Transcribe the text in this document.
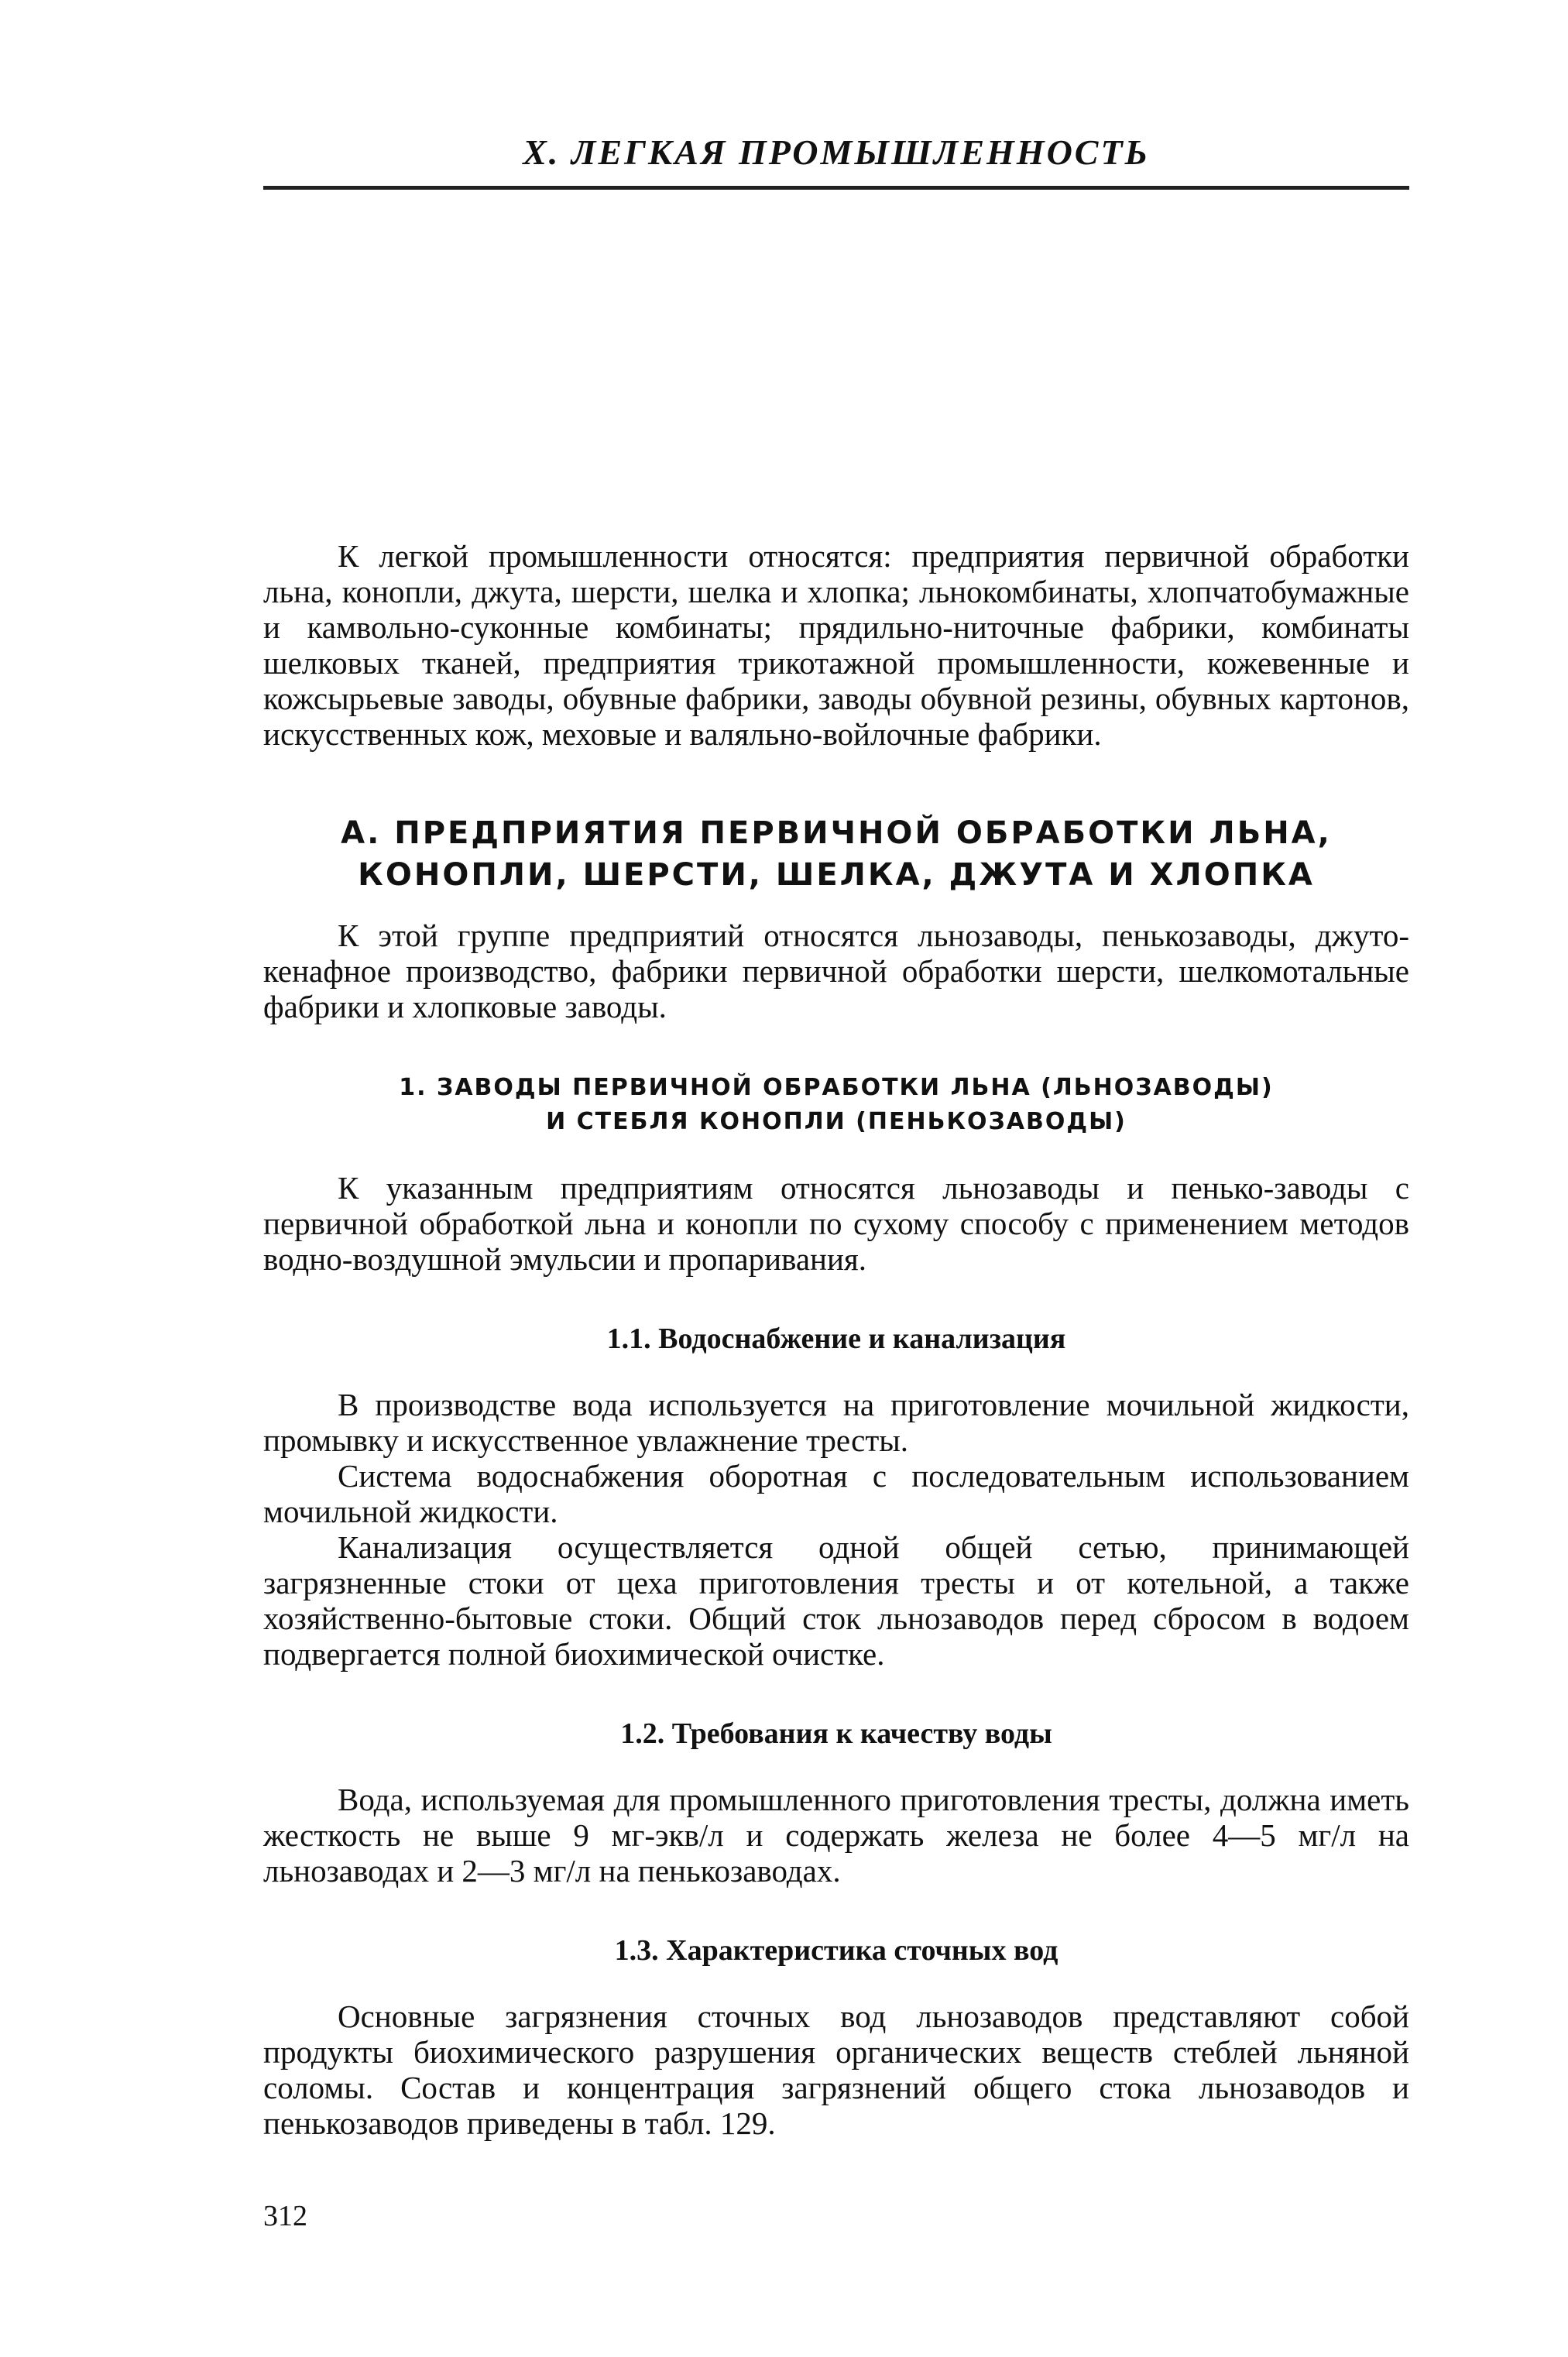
X. ЛЕГКАЯ ПРОМЫШЛЕННОСТЬ

К легкой промышленности относятся: предприятия первичной обработки льна, конопли, джута, шерсти, шелка и хлопка; льнокомбинаты, хлопчатобумажные и камвольно-суконные комбинаты; прядильно-ниточные фабрики, комбинаты шелковых тканей, предприятия трикотажной промышленности, кожевенные и кожсырьевые заводы, обувные фабрики, заводы обувной резины, обувных картонов, искусственных кож, меховые и валяльно-войлочные фабрики.

А. ПРЕДПРИЯТИЯ ПЕРВИЧНОЙ ОБРАБОТКИ ЛЬНА,
КОНОПЛИ, ШЕРСТИ, ШЕЛКА, ДЖУТА И ХЛОПКА

К этой группе предприятий относятся льнозаводы, пенькозаводы, джуто-кенафное производство, фабрики первичной обработки шерсти, шелкомотальные фабрики и хлопковые заводы.

1. ЗАВОДЫ ПЕРВИЧНОЙ ОБРАБОТКИ ЛЬНА (ЛЬНОЗАВОДЫ)
И СТЕБЛЯ КОНОПЛИ (ПЕНЬКОЗАВОДЫ)

К указанным предприятиям относятся льнозаводы и пенько-заводы с первичной обработкой льна и конопли по сухому способу с применением методов водно-воздушной эмульсии и пропаривания.

1.1. Водоснабжение и канализация

В производстве вода используется на приготовление мочильной жидкости, промывку и искусственное увлажнение тресты.

Система водоснабжения оборотная с последовательным использованием мочильной жидкости.

Канализация осуществляется одной общей сетью, принимающей загрязненные стоки от цеха приготовления тресты и от котельной, а также хозяйственно-бытовые стоки. Общий сток льнозаводов перед сбросом в водоем подвергается полной биохимической очистке.

1.2. Требования к качеству воды

Вода, используемая для промышленного приготовления тресты, должна иметь жесткость не выше 9 мг-экв/л и содержать железа не более 4—5 мг/л на льнозаводах и 2—3 мг/л на пенькозаводах.

1.3. Характеристика сточных вод

Основные загрязнения сточных вод льнозаводов представляют собой продукты биохимического разрушения органических веществ стеблей льняной соломы. Состав и концентрация загрязнений общего стока льнозаводов и пенькозаводов приведены в табл. 129.

312
